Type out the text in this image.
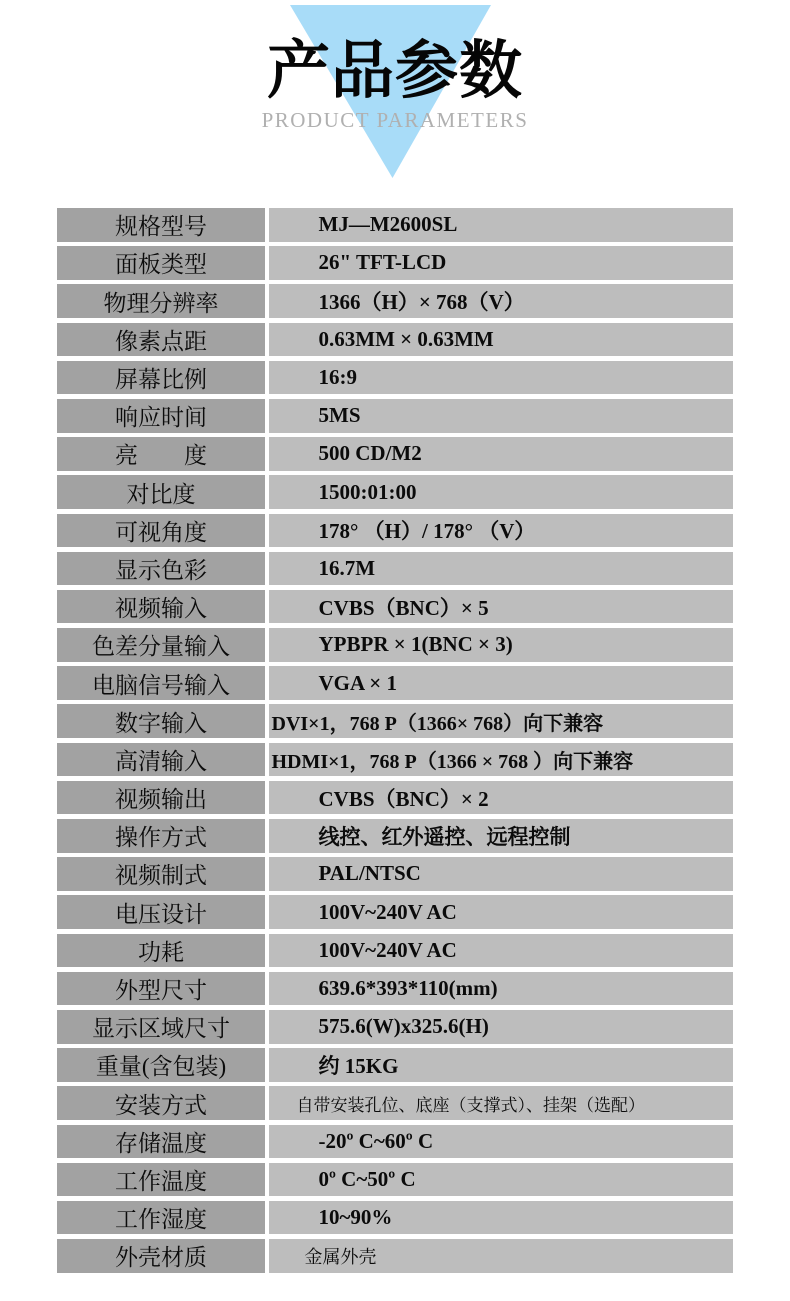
产品参数
PRODUCT PARAMETERS
规格型号	MJ—M2600SL
面板类型	26" TFT-LCD
物理分辨率	1366（H）× 768（V）
像素点距	0.63MM × 0.63MM
屏幕比例	16:9
响应时间	5MS
亮　　度	500 CD/M2
对比度	1500:01:00
可视角度	178° （H）/ 178° （V）
显示色彩	16.7M
视频输入	CVBS（BNC）× 5
色差分量输入	YPBPR × 1(BNC × 3)
电脑信号输入	VGA × 1
数字输入	DVI×1，768 P（1366× 768）向下兼容
高清输入	HDMI×1，768 P（1366 × 768 ）向下兼容
视频输出	CVBS（BNC）× 2
操作方式	线控、红外遥控、远程控制
视频制式	PAL/NTSC
电压设计	100V~240V AC
功耗	100V~240V AC
外型尺寸	639.6*393*110(mm)
显示区域尺寸	575.6(W)x325.6(H)
重量(含包装)	约 15KG
安装方式	自带安装孔位、底座（支撑式）、挂架（选配）
存储温度	-20º C~60º C
工作温度	0º C~50º C
工作湿度	10~90%
外壳材质	金属外壳
